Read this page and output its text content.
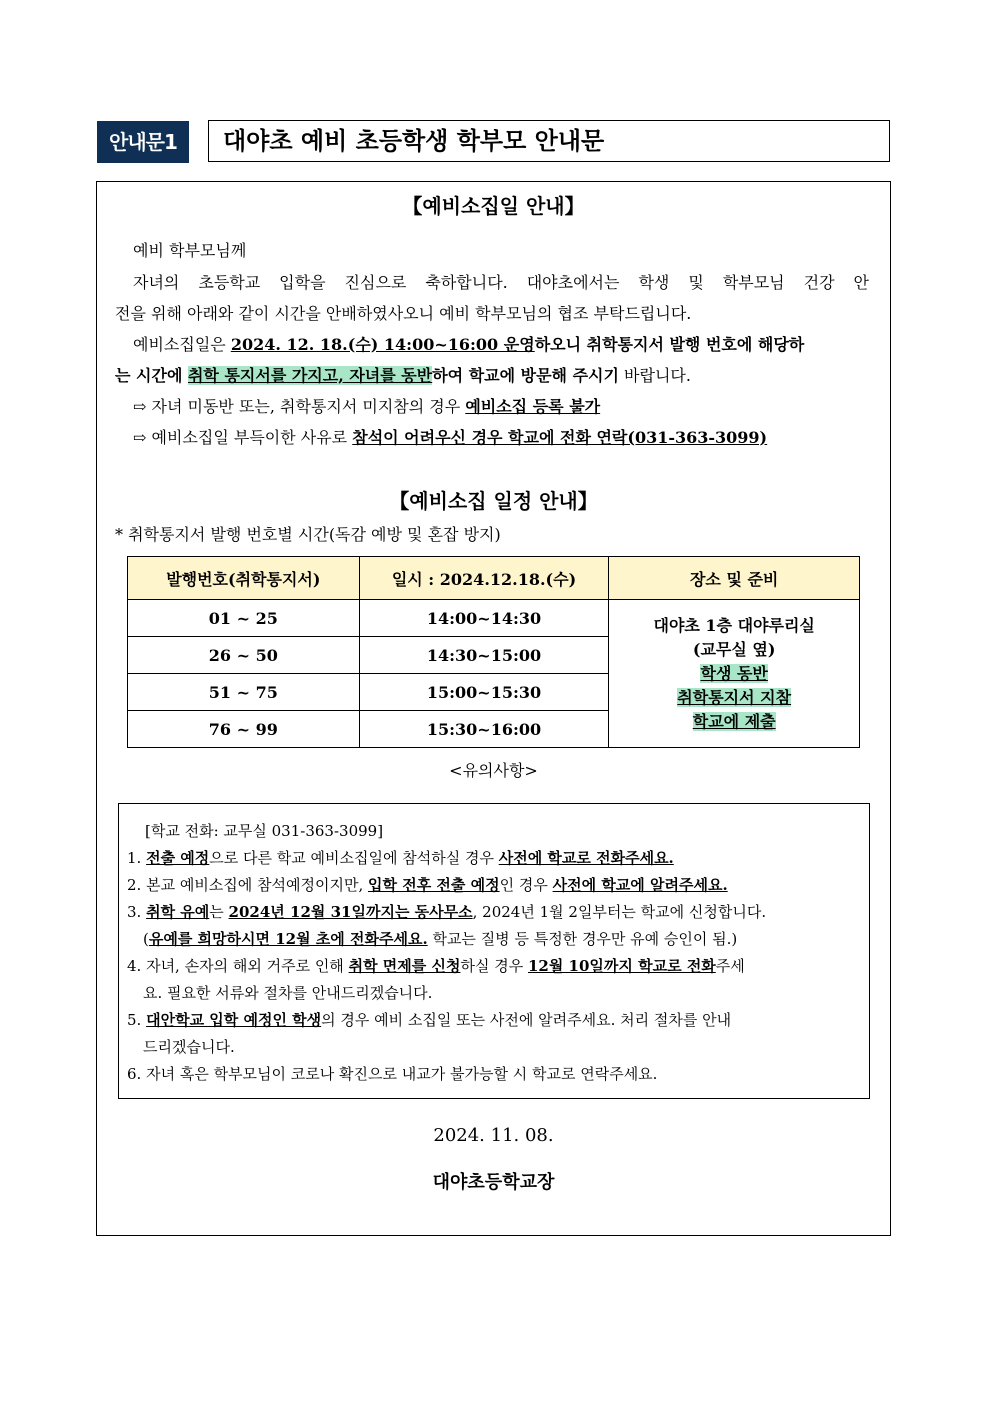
안내문1	대야초 예비 초등학생 학부모 안내문
【예비소집일 안내】
예비 학부모님께
자녀의 초등학교 입학을 진심으로 축하합니다. 대야초에서는 학생 및 학부모님 건강 안
전을 위해 아래와 같이 시간을 안배하였사오니 예비 학부모님의 협조 부탁드립니다.
예비소집일은 2024. 12. 18.(수) 14:00~16:00 운영하오니 취학통지서 발행 번호에 해당하
는 시간에 취학 통지서를 가지고, 자녀를 동반하여 학교에 방문해 주시기 바랍니다.
⇨ 자녀 미동반 또는, 취학통지서 미지참의 경우 예비소집 등록 불가
⇨ 예비소집일 부득이한 사유로 참석이 어려우신 경우 학교에 전화 연락(031-363-3099)
【예비소집 일정 안내】
* 취학통지서 발행 번호별 시간(독감 예방 및 혼잡 방지)
<유의사항>
2024. 11. 08.
대야초등학교장
발행번호(취학통지서)	일시 : 2024.12.18.(수)	장소 및 준비
01 ~ 25	14:00~14:30	대야초 1층 대야루리실
(교무실 옆)
학생 동반
취학통지서 지참
학교에 제출

26 ~ 50	14:30~15:00	
51 ~ 75	15:00~15:30	
76 ~ 99	15:30~16:00	
[학교 전화: 교무실 031-363-3099]
1. 전출 예정으로 다른 학교 예비소집일에 참석하실 경우 사전에 학교로 전화주세요.
2. 본교 예비소집에 참석예정이지만, 입학 전후 전출 예정인 경우 사전에 학교에 알려주세요.
3. 취학 유예는 2024년 12월 31일까지는 동사무소, 2024년 1월 2일부터는 학교에 신청합니다.
(유예를 희망하시면 12월 초에 전화주세요. 학교는 질병 등 특정한 경우만 유예 승인이 됨.)
4. 자녀, 손자의 해외 거주로 인해 취학 면제를 신청하실 경우 12월 10일까지 학교로 전화주세
요. 필요한 서류와 절차를 안내드리겠습니다.
5. 대안학교 입학 예정인 학생의 경우 예비 소집일 또는 사전에 알려주세요. 처리 절차를 안내
드리겠습니다.
6. 자녀 혹은 학부모님이 코로나 확진으로 내교가 불가능할 시 학교로 연락주세요.
